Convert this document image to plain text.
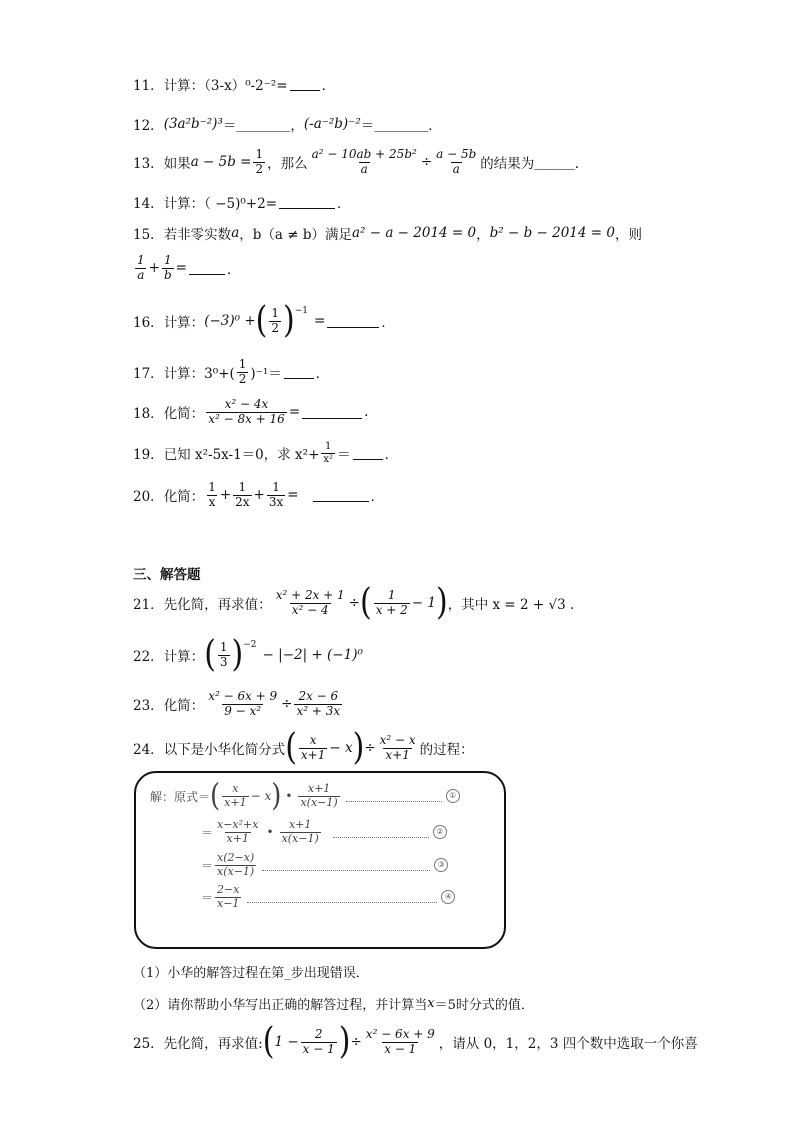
11． 计算：（3-x）⁰-2⁻²=	．
12． (3a²b⁻²)³ ＝＿＿＿＿， (-a⁻²b)⁻² ＝＿＿＿＿．
13． 如果 $a - 5b = \frac{1}{2}$ ，那么 $\frac{\text{a² − 10ab + 25b²}}{a} \div \frac{a - 5b}{a}$ 的结果为＿＿＿.
14． 计算：（ −5)⁰+2=	．
15． 若非零实数 a ，b（a ≠ b）满足 a² − a − 2014 = 0 ， b² − b − 2014 = 0 ，则
$\frac{1}{a} + \frac{1}{b}$ =	．
16． 计算： (−3)⁰ + ( $\frac{1}{2}$ ) −1
=	．
17． 计算：$3^0+( \frac{1}{2} )^{-1}=$	．
18． 化简： $\frac{\text{x² − 4x}}{\text{x² − 8x + 16}}$ =	.
19． 已知 x²-5x-1＝0，求 $x^2+ \frac{1}{\text{x²}}$ ＝	．
20． 化简： $\frac{1}{x} + \frac{1}{2x} + \frac{1}{3x}$ =	．
三、解答题
21． 先化简，再求值： $\frac{\text{x² + 2x + 1}}{\text{x² − 4}}$ ÷ ( $\frac{1}{x + 2} - 1$ ) ，其中 x = 2 + √3 .
22． 计算： ( $\frac{1}{3}$ ) −2
− |−2| + (−1)⁰
23． 化简： $\frac{\text{x² − 6x + 9}}{\text{9 − x²}} \div \frac{2x - 6}{\text{x² + 3x}}$
24． 以下是小华化简分式 ( $\frac{x}{x+1} - x$ ) ÷ $\frac{\text{x² − x}}{x+1}$ 的过程：
解：原式＝ ( $\frac{x}{x+1} - x$ ) • $\frac{x+1}{x(x-1)}$	①
＝ $\frac{\text{x−x²+x}}{x+1}$ • $\frac{x+1}{x(x-1)}$	②
＝ $\frac{x(2-x)}{x(x-1)}$	③
＝ $\frac{2-x}{x-1}$	④
（1）小华的解答过程在第_步出现错误．
（2）请你帮助小华写出正确的解答过程，并计算当 x ＝5时分式的值．
25． 先化简，再求值: ( $1 - \frac{2}{x - 1}$ ) ÷ $\frac{\text{x² − 6x + 9}}{x - 1}$ ，请从 0，1，2，3 四个数中选取一个你喜
